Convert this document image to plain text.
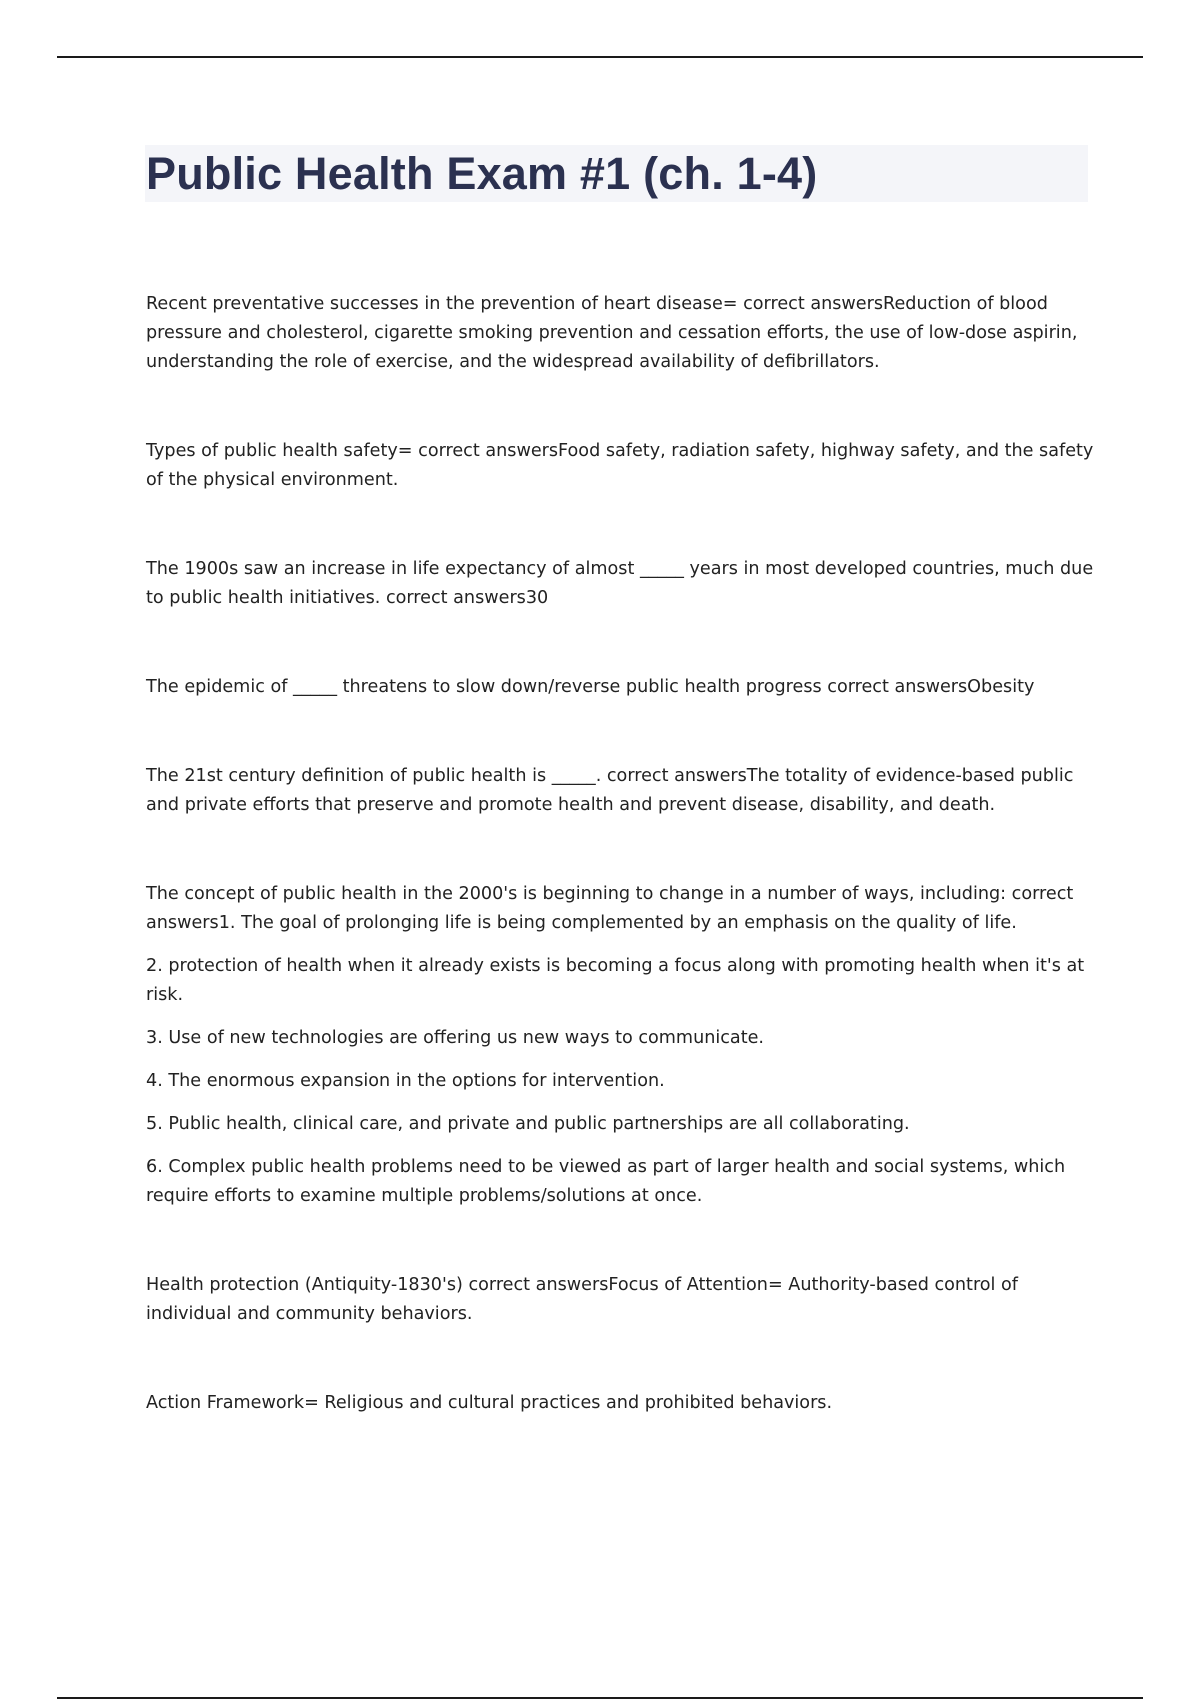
Public Health Exam #1 (ch. 1-4)

Recent preventative successes in the prevention of heart disease= correct answersReduction of blood pressure and cholesterol, cigarette smoking prevention and cessation efforts, the use of low-dose aspirin, understanding the role of exercise, and the widespread availability of defibrillators.

Types of public health safety= correct answersFood safety, radiation safety, highway safety, and the safety of the physical environment.

The 1900s saw an increase in life expectancy of almost _____ years in most developed countries, much due to public health initiatives. correct answers30

The epidemic of _____ threatens to slow down/reverse public health progress correct answersObesity

The 21st century definition of public health is _____. correct answersThe totality of evidence-based public and private efforts that preserve and promote health and prevent disease, disability, and death.

The concept of public health in the 2000's is beginning to change in a number of ways, including: correct answers1. The goal of prolonging life is being complemented by an emphasis on the quality of life.

2. protection of health when it already exists is becoming a focus along with promoting health when it's at risk.

3. Use of new technologies are offering us new ways to communicate.

4. The enormous expansion in the options for intervention.

5. Public health, clinical care, and private and public partnerships are all collaborating.

6. Complex public health problems need to be viewed as part of larger health and social systems, which require efforts to examine multiple problems/solutions at once.

Health protection (Antiquity-1830's) correct answersFocus of Attention= Authority-based control of individual and community behaviors.

Action Framework= Religious and cultural practices and prohibited behaviors.
